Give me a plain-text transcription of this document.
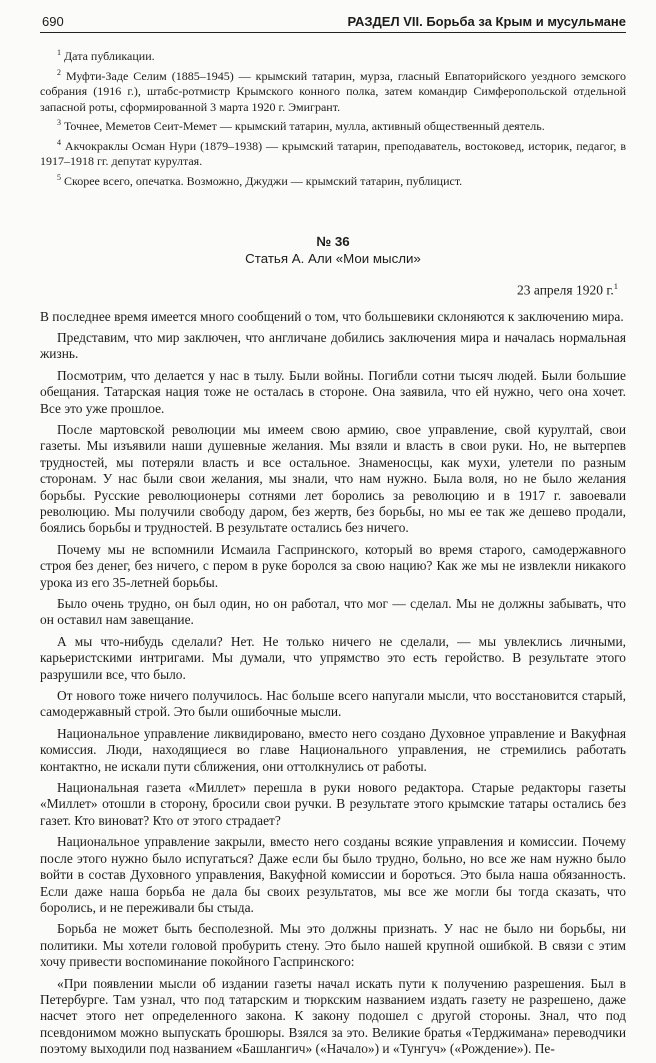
690	РАЗДЕЛ VII. Борьба за Крым и мусульмане
$^1$ Дата публикации.
$^2$ Муфти-Заде Селим (1885–1945) — крымский татарин, мурза, гласный Евпаторийского уездного земского собрания (1916 г.), штабс-ротмистр Крымского конного полка, затем командир Симферопольской отдельной запасной роты, сформированной 3 марта 1920 г. Эмигрант.
$^3$ Точнее, Меметов Сеит-Мемет — крымский татарин, мулла, активный общественный деятель.
$^4$ Акчокраклы Осман Нури (1879–1938) — крымский татарин, преподаватель, востоковед, историк, педагог, в 1917–1918 гг. депутат курултая.
$^5$ Скорее всего, опечатка. Возможно, Джуджи — крымский татарин, публицист.
№ 36
Статья А. Али «Мои мысли»
23 апреля 1920 г.$^1$

В последнее время имеется много сообщений о том, что большевики склоняются к заключению мира.

Представим, что мир заключен, что англичане добились заключения мира и началась нормальная жизнь.

Посмотрим, что делается у нас в тылу. Были войны. Погибли сотни тысяч людей. Были большие обещания. Татарская нация тоже не осталась в стороне. Она заявила, что ей нужно, чего она хочет. Все это уже прошлое.

После мартовской революции мы имеем свою армию, свое управление, свой курултай, свои газеты. Мы изъявили наши душевные желания. Мы взяли и власть в свои руки. Но, не вытерпев трудностей, мы потеряли власть и все остальное. Знаменосцы, как мухи, улетели по разным сторонам. У нас были свои желания, мы знали, что нам нужно. Была воля, но не было желания борьбы. Русские революционеры сотнями лет боролись за революцию и в 1917 г. завоевали революцию. Мы получили свободу даром, без жертв, без борьбы, но мы ее так же дешево продали, боялись борьбы и трудностей. В результате остались без ничего.

Почему мы не вспомнили Исмаила Гаспринского, который во время старого, самодержавного строя без денег, без ничего, с пером в руке боролся за свою нацию? Как же мы не извлекли никакого урока из его 35-летней борьбы.

Было очень трудно, он был один, но он работал, что мог — сделал. Мы не должны забывать, что он оставил нам завещание.

А мы что-нибудь сделали? Нет. Не только ничего не сделали, — мы увлеклись личными, карьеристскими интригами. Мы думали, что упрямство это есть геройство. В результате этого разрушили все, что было.

От нового тоже ничего получилось. Нас больше всего напугали мысли, что восстановится старый, самодержавный строй. Это были ошибочные мысли.

Национальное управление ликвидировано, вместо него создано Духовное управление и Вакуфная комиссия. Люди, находящиеся во главе Национального управления, не стремились работать контактно, не искали пути сближения, они оттолкнулись от работы.

Национальная газета «Миллет» перешла в руки нового редактора. Старые редакторы газеты «Миллет» отошли в сторону, бросили свои ручки. В результате этого крымские татары остались без газет. Кто виноват? Кто от этого страдает?

Национальное управление закрыли, вместо него созданы всякие управления и комиссии. Почему после этого нужно было испугаться? Даже если бы было трудно, больно, но все же нам нужно было войти в состав Духовного управления, Вакуфной комиссии и бороться. Это была наша обязанность. Если даже наша борьба не дала бы своих результатов, мы все же могли бы тогда сказать, что боролись, и не переживали бы стыда.

Борьба не может быть бесполезной. Мы это должны признать. У нас не было ни борьбы, ни политики. Мы хотели головой пробурить стену. Это было нашей крупной ошибкой. В связи с этим хочу привести воспоминание покойного Гаспринского:

«При появлении мысли об издании газеты начал искать пути к получению разрешения. Был в Петербурге. Там узнал, что под татарским и тюркским названием издать газету не разрешено, даже насчет этого нет определенного закона. К закону подошел с другой стороны. Знал, что под псевдонимом можно выпускать брошюры. Взялся за это. Великие братья «Терджимана» переводчики поэтому выходили под названием «Башлангич» («Начало») и «Тунгуч» («Рождение»). Пе-
